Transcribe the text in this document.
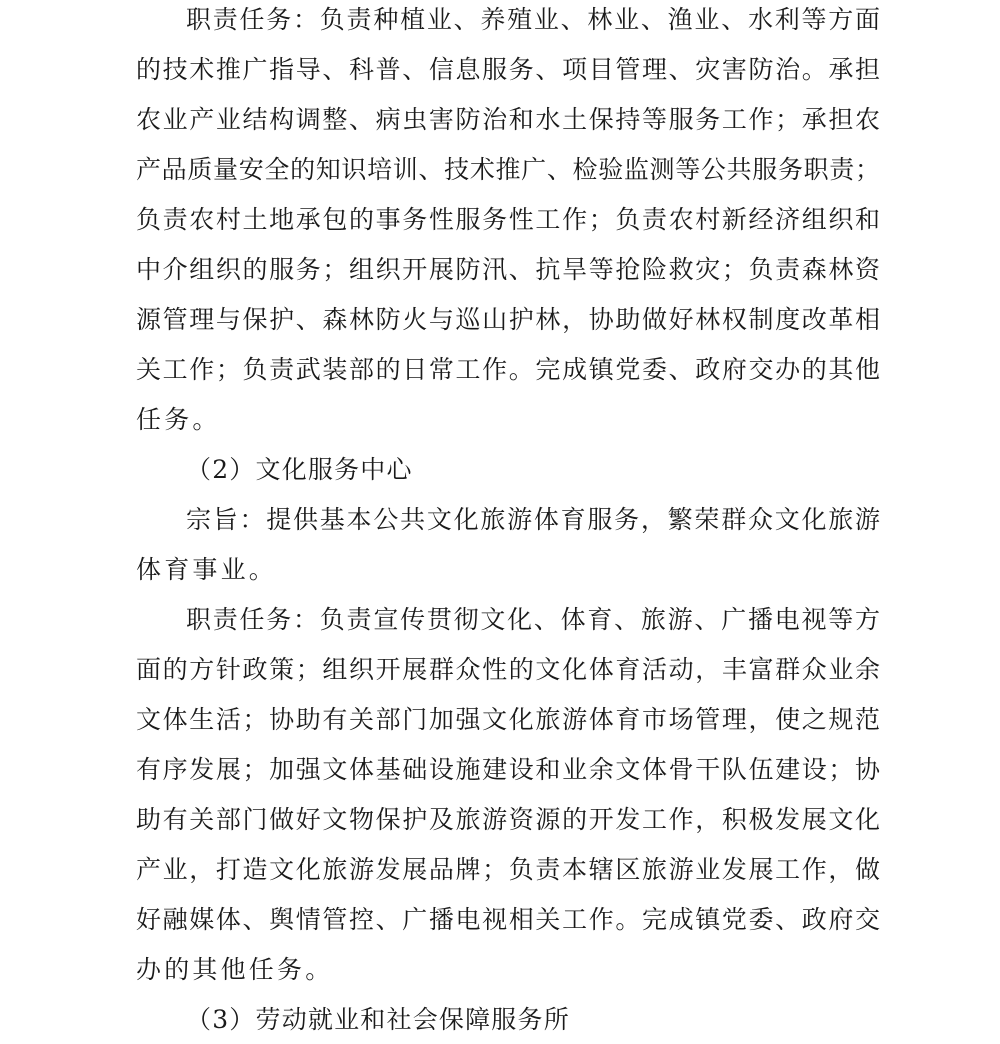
职责任务：负责种植业、养殖业、林业、渔业、水利等方面
的技术推广指导、科普、信息服务、项目管理、灾害防治。承担
农业产业结构调整、病虫害防治和水土保持等服务工作；承担农
产品质量安全的知识培训、技术推广、检验监测等公共服务职责；
负责农村土地承包的事务性服务性工作；负责农村新经济组织和
中介组织的服务；组织开展防汛、抗旱等抢险救灾；负责森林资
源管理与保护、森林防火与巡山护林，协助做好林权制度改革相
关工作；负责武装部的日常工作。完成镇党委、政府交办的其他
任务。
（2）文化服务中心
宗旨：提供基本公共文化旅游体育服务，繁荣群众文化旅游
体育事业。
职责任务：负责宣传贯彻文化、体育、旅游、广播电视等方
面的方针政策；组织开展群众性的文化体育活动，丰富群众业余
文体生活；协助有关部门加强文化旅游体育市场管理，使之规范
有序发展；加强文体基础设施建设和业余文体骨干队伍建设；协
助有关部门做好文物保护及旅游资源的开发工作，积极发展文化
产业，打造文化旅游发展品牌；负责本辖区旅游业发展工作，做
好融媒体、舆情管控、广播电视相关工作。完成镇党委、政府交
办的其他任务。
（3）劳动就业和社会保障服务所
